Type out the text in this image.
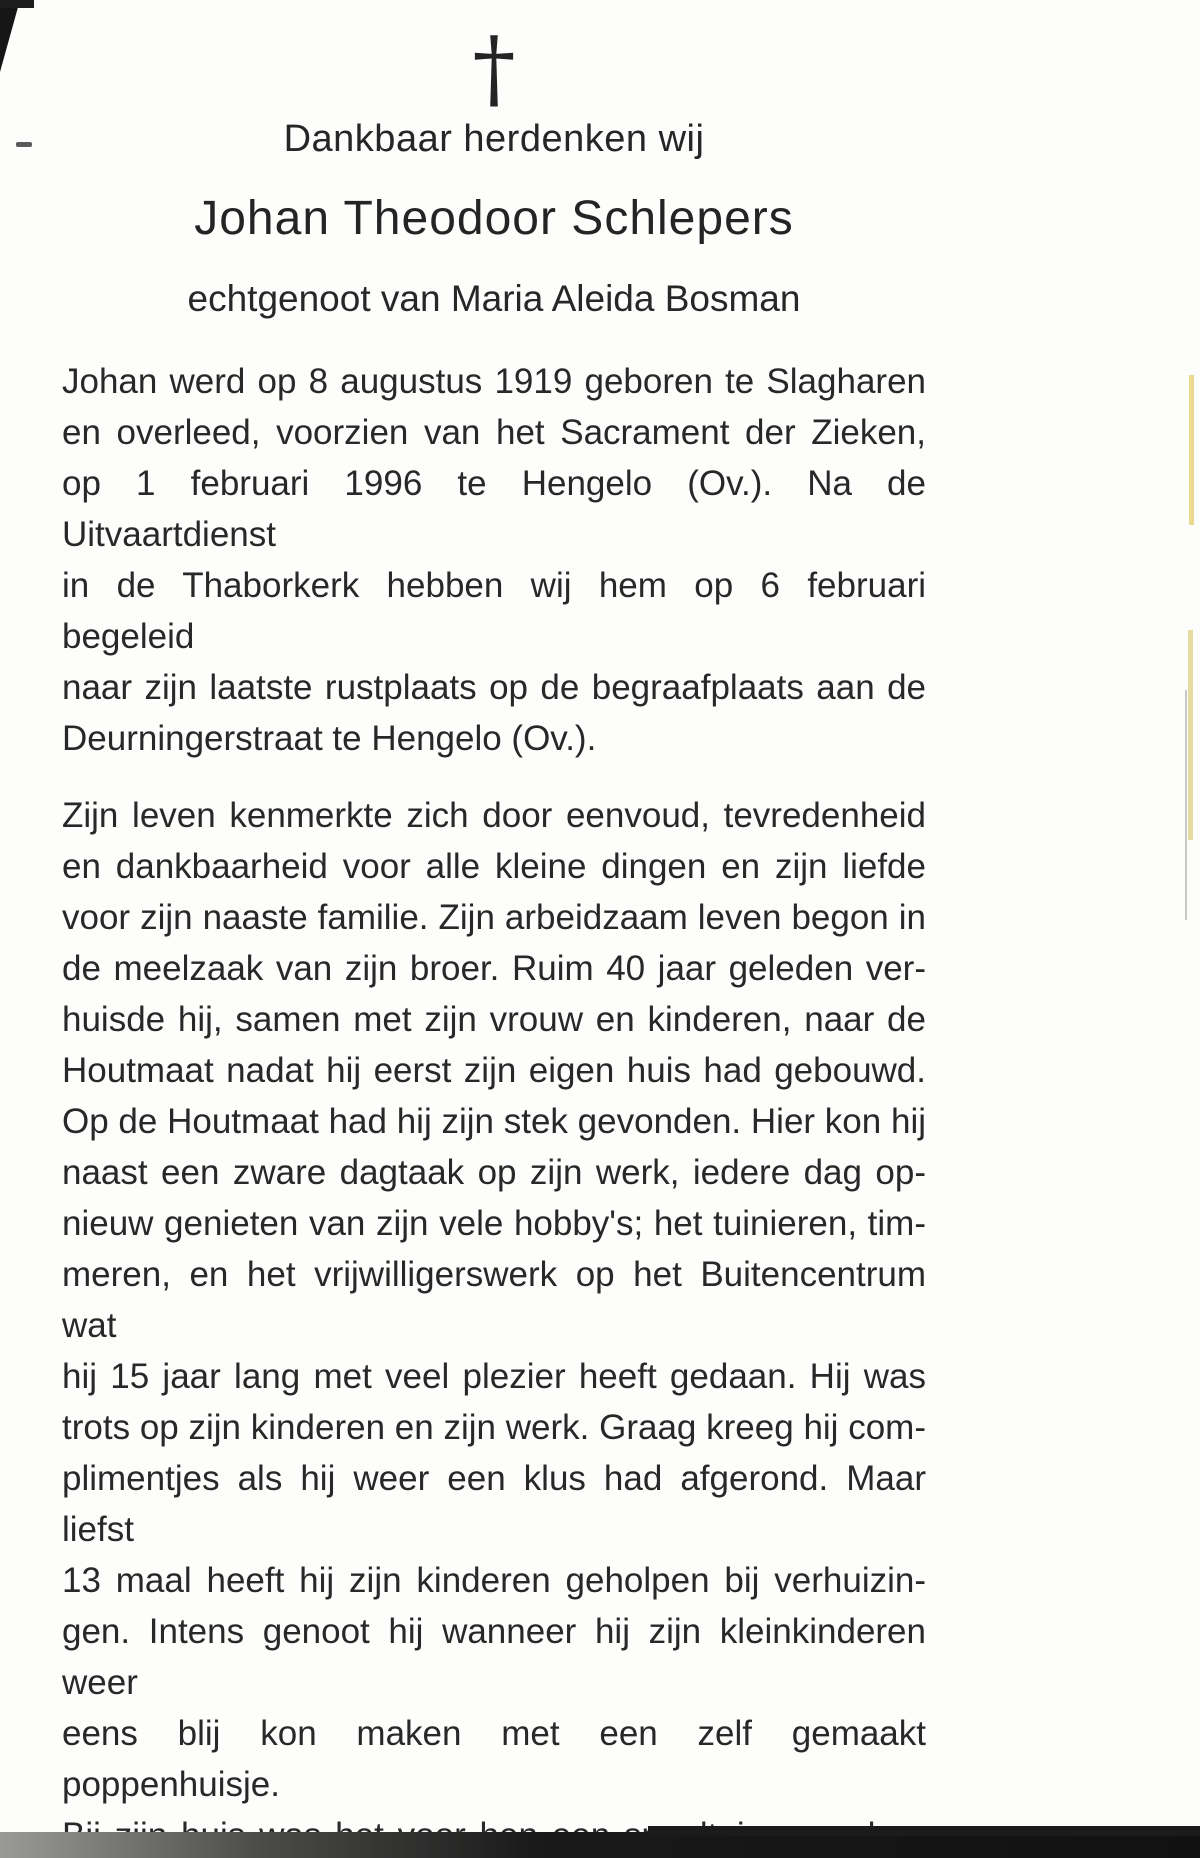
†
Dankbaar herdenken wij
Johan Theodoor Schlepers
echtgenoot van Maria Aleida Bosman
Johan werd op 8 augustus 1919 geboren te Slagharen
en overleed, voorzien van het Sacrament der Zieken,
op 1 februari 1996 te Hengelo (Ov.). Na de Uitvaartdienst
in de Thaborkerk hebben wij hem op 6 februari begeleid
naar zijn laatste rustplaats op de begraafplaats aan de
Deurningerstraat te Hengelo (Ov.).
Zijn leven kenmerkte zich door eenvoud, tevredenheid
en dankbaarheid voor alle kleine dingen en zijn liefde
voor zijn naaste familie. Zijn arbeidzaam leven begon in
de meelzaak van zijn broer. Ruim 40 jaar geleden ver-
huisde hij, samen met zijn vrouw en kinderen, naar de
Houtmaat nadat hij eerst zijn eigen huis had gebouwd.
Op de Houtmaat had hij zijn stek gevonden. Hier kon hij
naast een zware dagtaak op zijn werk, iedere dag op-
nieuw genieten van zijn vele hobby's; het tuinieren, tim-
meren, en het vrijwilligerswerk op het Buitencentrum wat
hij 15 jaar lang met veel plezier heeft gedaan. Hij was
trots op zijn kinderen en zijn werk. Graag kreeg hij com-
plimentjes als hij weer een klus had afgerond. Maar liefst
13 maal heeft hij zijn kinderen geholpen bij verhuizin-
gen. Intens genoot hij wanneer hij zijn kleinkinderen weer
eens blij kon maken met een zelf gemaakt poppenhuisje.
